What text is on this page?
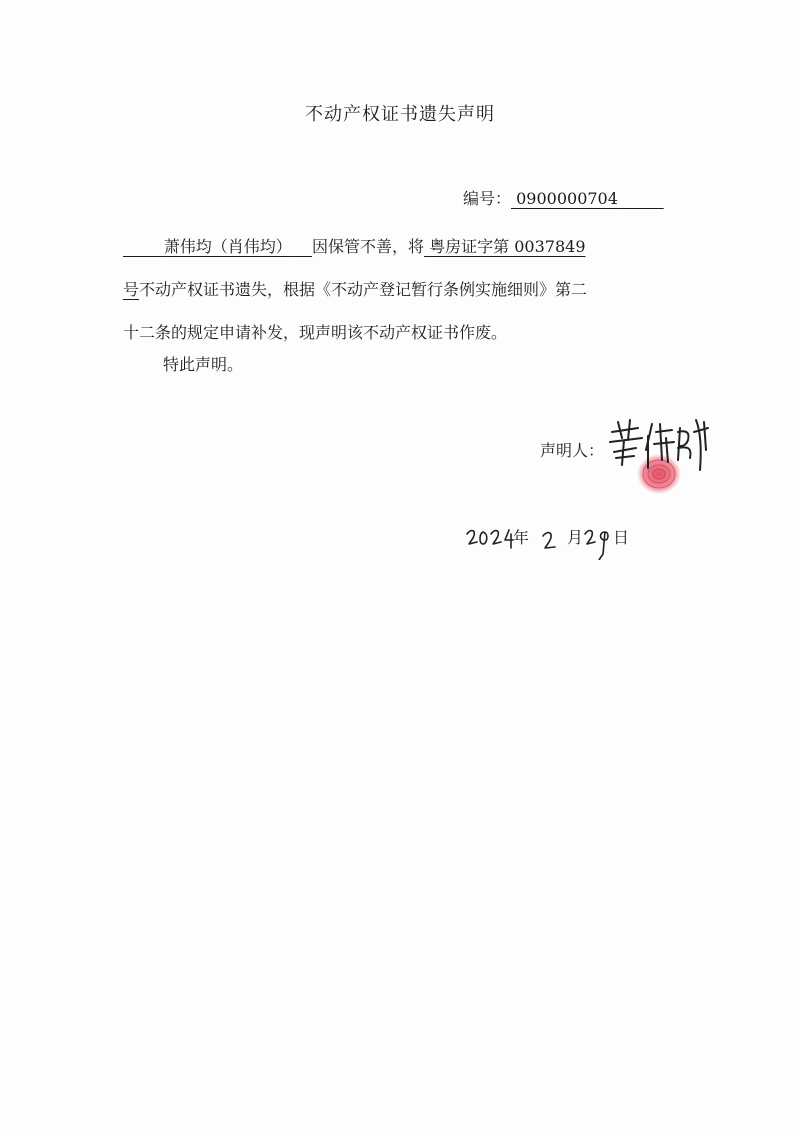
不动产权证书遗失声明
编号： 0900000704
萧伟均（肖伟均） 因保管不善，将 粤房证字第 0037849
号不动产权证书遗失，根据《不动产登记暂行条例实施细则》第二
十二条的规定申请补发，现声明该不动产权证书作废。
特此声明。
声明人：
年 月 日
